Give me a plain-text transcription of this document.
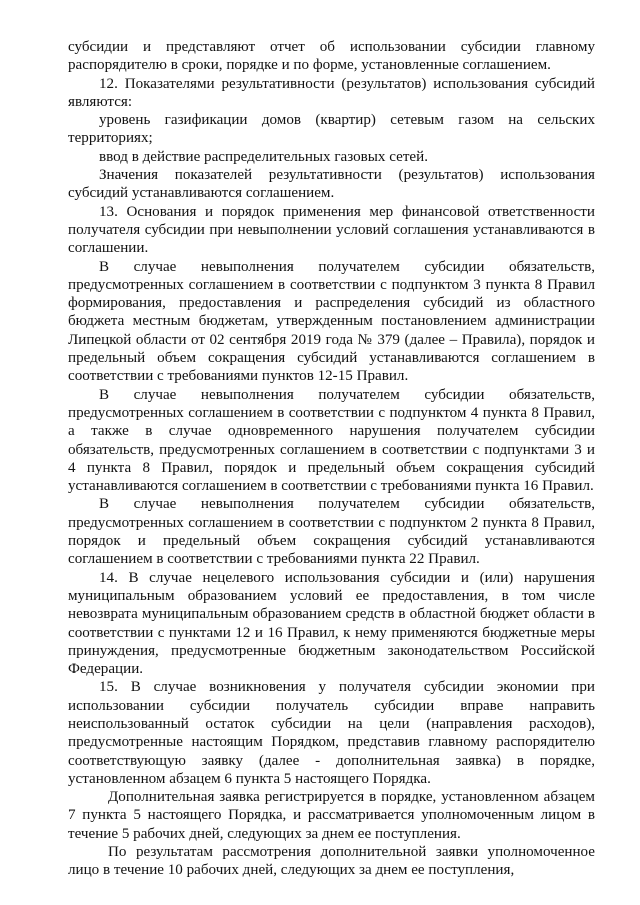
субсидии и представляют отчет об использовании субсидии главному распорядителю в сроки, порядке и по форме, установленные соглашением.

12. Показателями результативности (результатов) использования субсидий являются:

уровень газификации домов (квартир) сетевым газом на сельских территориях;

ввод в действие распределительных газовых сетей.

Значения показателей результативности (результатов) использования субсидий устанавливаются соглашением.

13. Основания и порядок применения мер финансовой ответственности получателя субсидии при невыполнении условий соглашения устанавливаются в соглашении.

В случае невыполнения получателем субсидии обязательств, предусмотренных соглашением в соответствии с подпунктом 3 пункта 8 Правил формирования, предоставления и распределения субсидий из областного бюджета местным бюджетам, утвержденным постановлением администрации Липецкой области от 02 сентября 2019 года № 379 (далее – Правила), порядок и предельный объем сокращения субсидий устанавливаются соглашением в соответствии с требованиями пунктов 12-15 Правил.

В случае невыполнения получателем субсидии обязательств, предусмотренных соглашением в соответствии с подпунктом 4 пункта 8 Правил, а также в случае одновременного нарушения получателем субсидии обязательств, предусмотренных соглашением в соответствии с подпунктами 3 и 4 пункта 8 Правил, порядок и предельный объем сокращения субсидий устанавливаются соглашением в соответствии с требованиями пункта 16 Правил.

В случае невыполнения получателем субсидии обязательств, предусмотренных соглашением в соответствии с подпунктом 2 пункта 8 Правил, порядок и предельный объем сокращения субсидий устанавливаются соглашением в соответствии с требованиями пункта 22 Правил.

14. В случае нецелевого использования субсидии и (или) нарушения муниципальным образованием условий ее предоставления, в том числе невозврата муниципальным образованием средств в областной бюджет области в соответствии с пунктами 12 и 16 Правил, к нему применяются бюджетные меры принуждения, предусмотренные бюджетным законодательством Российской Федерации.

15. В случае возникновения у получателя субсидии экономии при использовании субсидии получатель субсидии вправе направить неиспользованный остаток субсидии на цели (направления расходов), предусмотренные настоящим Порядком, представив главному распорядителю соответствующую заявку (далее - дополнительная заявка) в порядке, установленном абзацем 6 пункта 5 настоящего Порядка.

Дополнительная заявка регистрируется в порядке, установленном абзацем 7 пункта 5 настоящего Порядка, и рассматривается уполномоченным лицом в течение 5 рабочих дней, следующих за днем ее поступления.

По результатам рассмотрения дополнительной заявки уполномоченное лицо в течение 10 рабочих дней, следующих за днем ее поступления,
